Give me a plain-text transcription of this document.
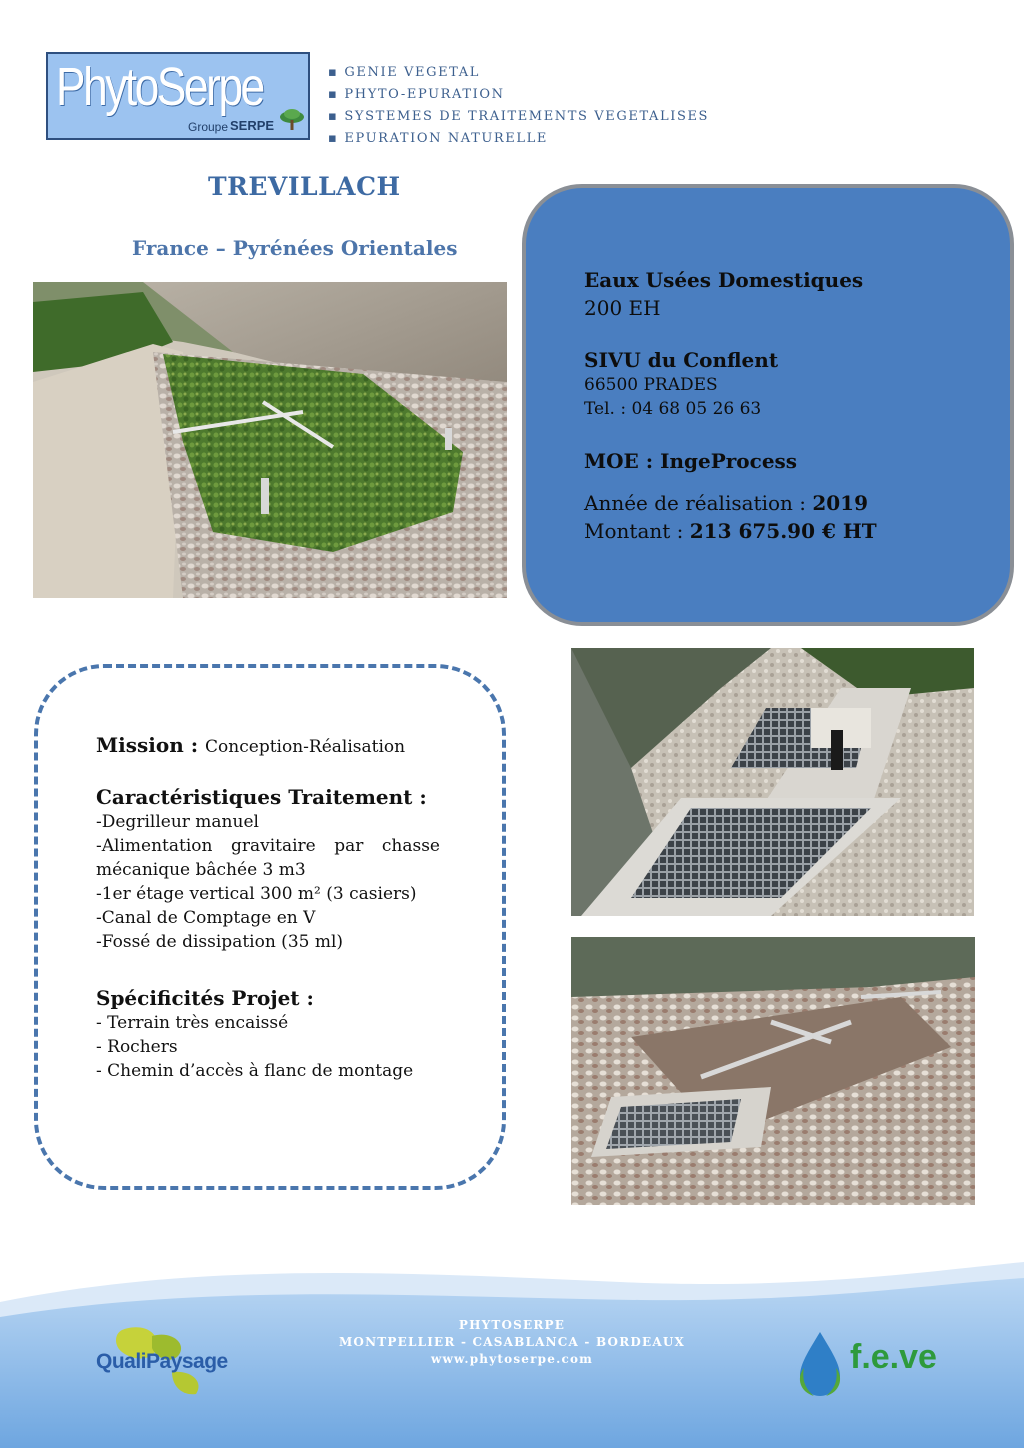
PhytoSerpe
Groupe SERPE
▪ GENIE VEGETAL
▪ PHYTO-EPURATION
▪ SYSTEMES DE TRAITEMENTS VEGETALISES
▪ EPURATION NATURELLE
TREVILLACH
France – Pyrénées Orientales
Eaux Usées Domestiques
200 EH
SIVU du Conflent
66500 PRADES
Tel. : 04 68 05 26 63
MOE : IngeProcess
Année de réalisation : 2019
Montant : 213 675.90 € HT
Mission : Conception-Réalisation
Caractéristiques Traitement :
-Degrilleur manuel
-Alimentation gravitaire par chasse
mécanique bâchée 3 m3
-1er étage vertical 300 m² (3 casiers)
-Canal de Comptage en V
-Fossé de dissipation (35 ml)
Spécificités Projet :
- Terrain très encaissé
- Rochers
- Chemin d’accès à flanc de montage
PHYTOSERPE
MONTPELLIER - CASABLANCA - BORDEAUX
www.phytoserpe.com
QualiPaysage	f.e.ve
